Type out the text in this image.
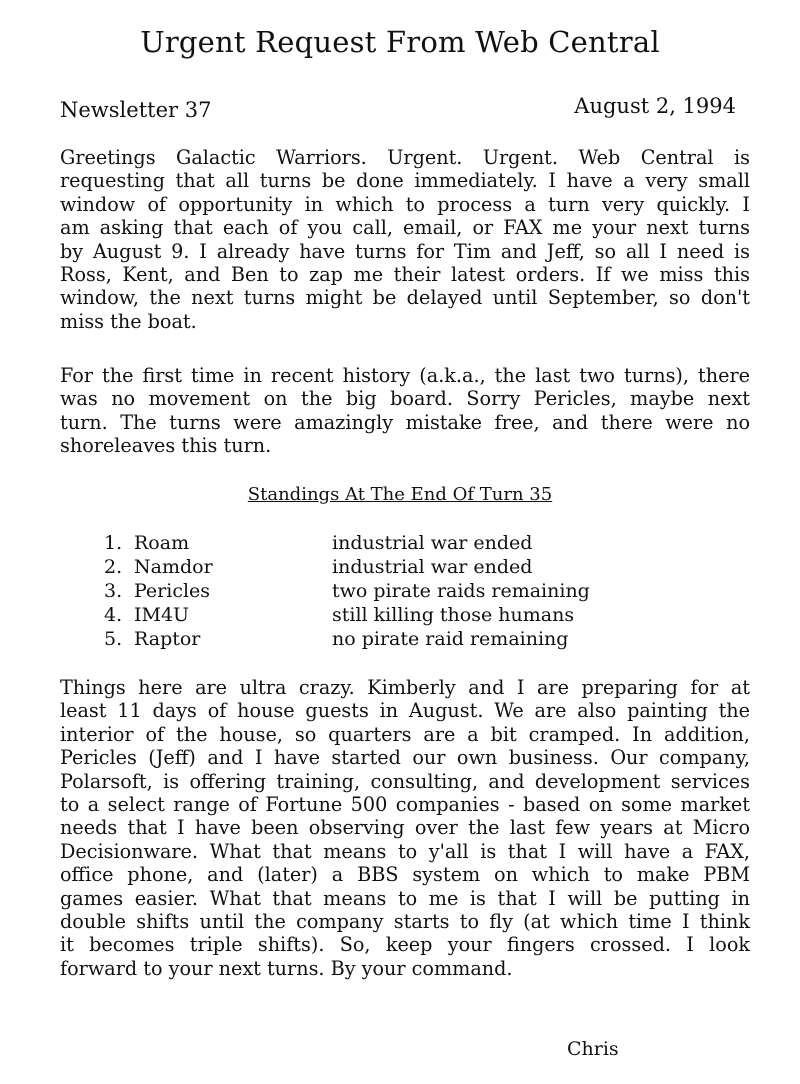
Urgent Request From Web Central
Newsletter 37	August 2, 1994
Greetings Galactic Warriors. Urgent. Urgent. Web Central is
requesting that all turns be done immediately. I have a very small
window of opportunity in which to process a turn very quickly. I
am asking that each of you call, email, or FAX me your next turns
by August 9. I already have turns for Tim and Jeff, so all I need is
Ross, Kent, and Ben to zap me their latest orders. If we miss this
window, the next turns might be delayed until September, so don't
miss the boat.
For the first time in recent history (a.k.a., the last two turns), there
was no movement on the big board. Sorry Pericles, maybe next
turn. The turns were amazingly mistake free, and there were no
shoreleaves this turn.
Standings At The End Of Turn 35
1. Roam	industrial war ended
2. Namdor	industrial war ended
3. Pericles	two pirate raids remaining
4. IM4U	still killing those humans
5. Raptor	no pirate raid remaining
Things here are ultra crazy. Kimberly and I are preparing for at
least 11 days of house guests in August. We are also painting the
interior of the house, so quarters are a bit cramped. In addition,
Pericles (Jeff) and I have started our own business. Our company,
Polarsoft, is offering training, consulting, and development services
to a select range of Fortune 500 companies - based on some market
needs that I have been observing over the last few years at Micro
Decisionware. What that means to y'all is that I will have a FAX,
office phone, and (later) a BBS system on which to make PBM
games easier. What that means to me is that I will be putting in
double shifts until the company starts to fly (at which time I think
it becomes triple shifts). So, keep your fingers crossed. I look
forward to your next turns. By your command.
Chris
